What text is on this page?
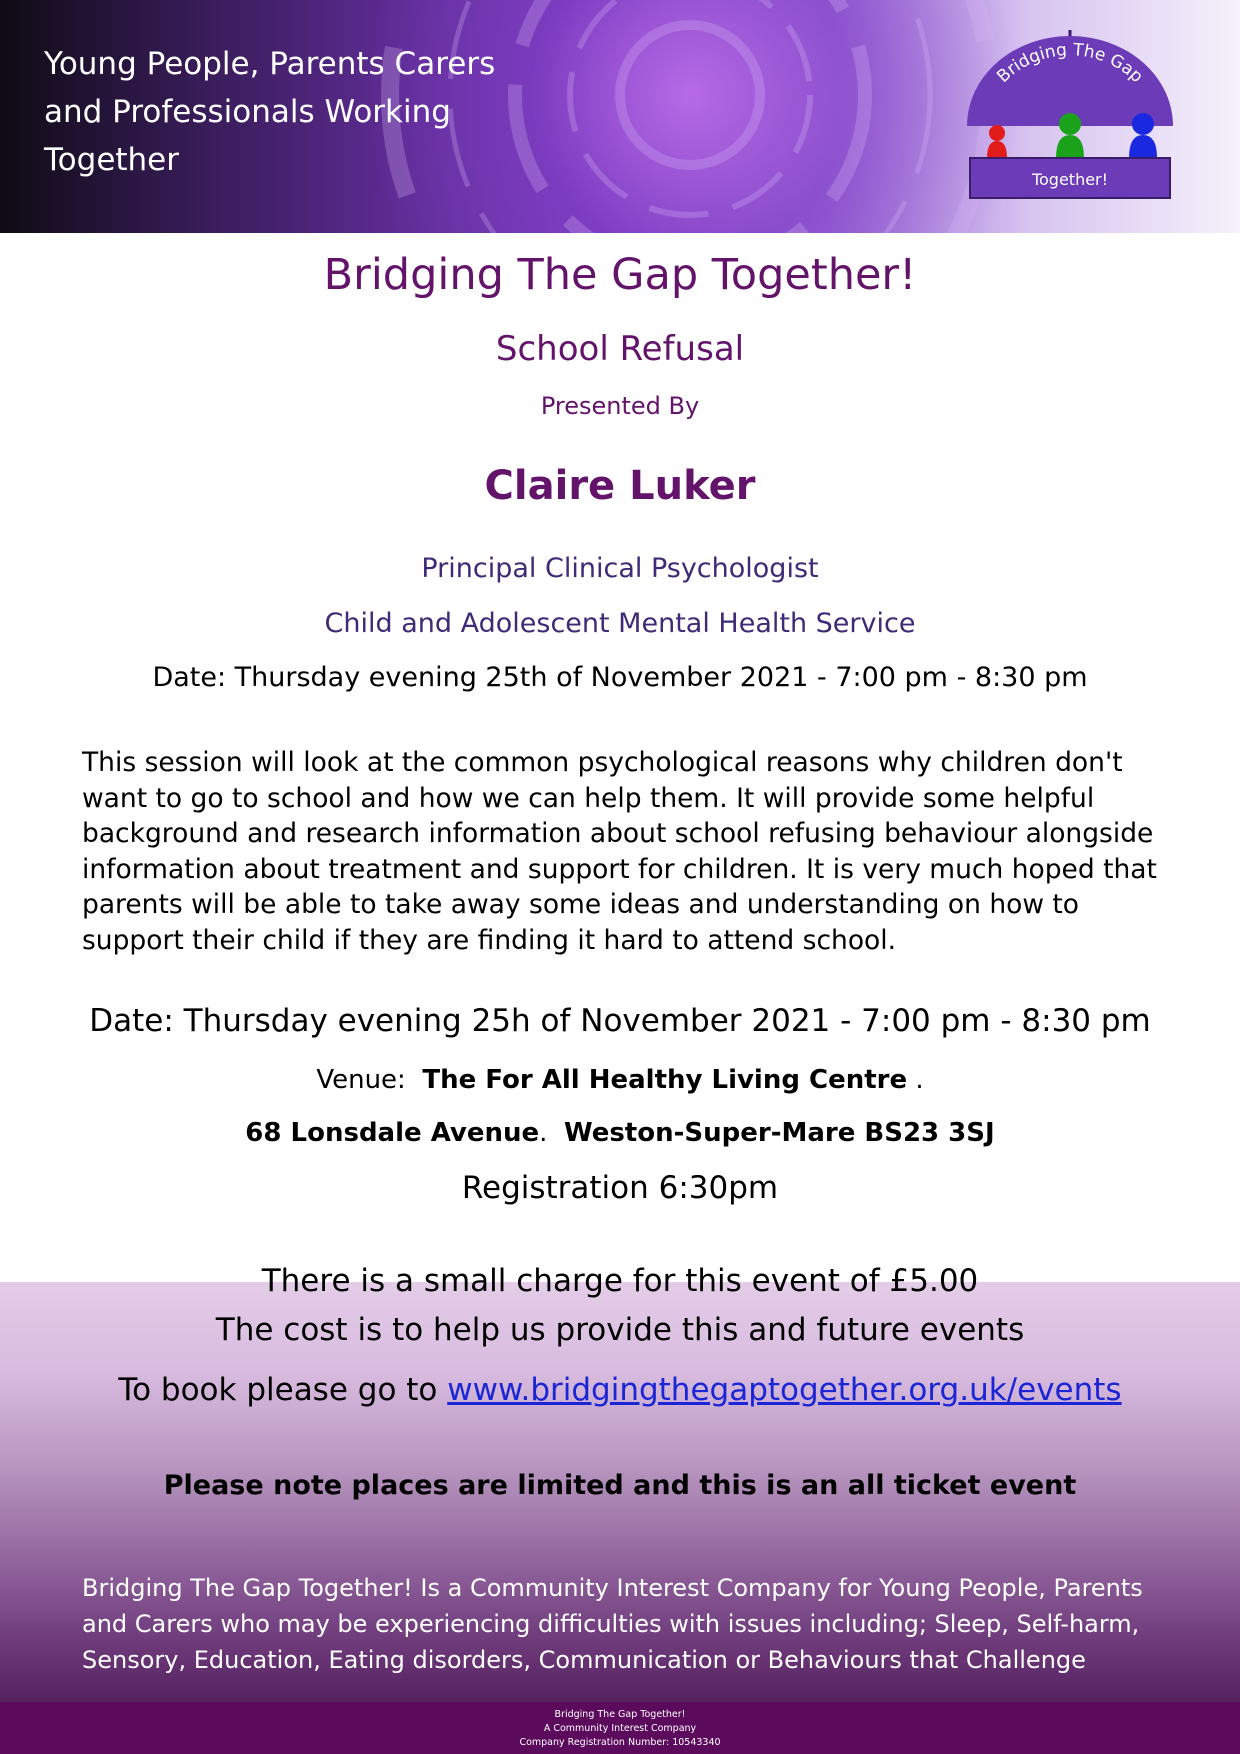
Young People, Parents Carers
and Professionals Working
Together
Bridging The Gap
Together!
Bridging The Gap Together!
School Refusal
Presented By
Claire Luker
Principal Clinical Psychologist
Child and Adolescent Mental Health Service
Date: Thursday evening 25th of November 2021 - 7:00 pm - 8:30 pm
This session will look at the common psychological reasons why children don't want to go to school and how we can help them. It will provide some helpful background and research information about school refusing behaviour alongside information about treatment and support for children. It is very much hoped that parents will be able to take away some ideas and understanding on how to support their child if they are finding it hard to attend school.
Date: Thursday evening 25h of November 2021 - 7:00 pm - 8:30 pm
Venue: The For All Healthy Living Centre .
68 Lonsdale Avenue.  Weston-Super-Mare BS23 3SJ
Registration 6:30pm
There is a small charge for this event of £5.00
The cost is to help us provide this and future events
To book please go to www.bridgingthegaptogether.org.uk/events
Please note places are limited and this is an all ticket event
Bridging The Gap Together! Is a Community Interest Company for Young People, Parents and Carers who may be experiencing difficulties with issues including; Sleep, Self-harm, Sensory, Education, Eating disorders, Communication or Behaviours that Challenge
Bridging The Gap Together!
A Community Interest Company
Company Registration Number: 10543340
